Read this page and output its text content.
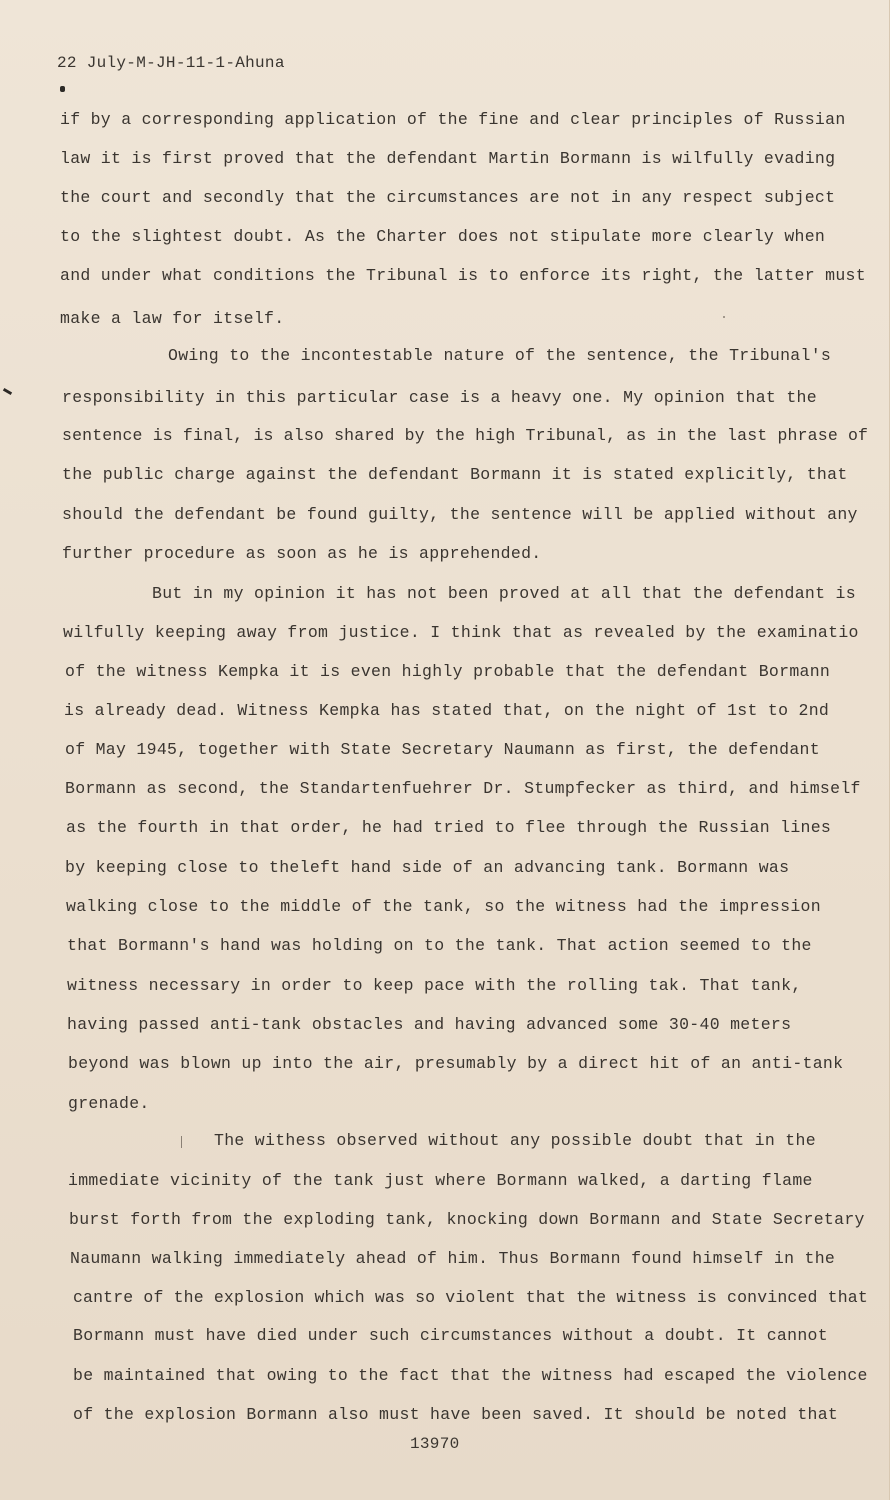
22 July-M-JH-11-1-Ahuna
if by a corresponding application of the fine and clear principles of Russian
law it is first proved that the defendant Martin Bormann is wilfully evading
the court and secondly that the circumstances are not in any respect subject
to the slightest doubt. As the Charter does not stipulate more clearly when
and under what conditions the Tribunal is to enforce its right, the latter must
make a law for itself.
Owing to the incontestable nature of the sentence, the Tribunal's
responsibility in this particular case is a heavy one. My opinion that the
sentence is final, is also shared by the high Tribunal, as in the last phrase of
the public charge against the defendant Bormann it is stated explicitly, that
should the defendant be found guilty, the sentence will be applied without any
further procedure as soon as he is apprehended.
But in my opinion it has not been proved at all that the defendant is
wilfully keeping away from justice. I think that as revealed by the examinatio
of the witness Kempka it is even highly probable that the defendant Bormann
is already dead. Witness Kempka has stated that, on the night of 1st to 2nd
of May 1945, together with State Secretary Naumann as first, the defendant
Bormann as second, the Standartenfuehrer Dr. Stumpfecker as third, and himself
as the fourth in that order, he had tried to flee through the Russian lines
by keeping close to theleft hand side of an advancing tank. Bormann was
walking close to the middle of the tank, so the witness had the impression
that Bormann's hand was holding on to the tank. That action seemed to the
witness necessary in order to keep pace with the rolling tak. That tank,
having passed anti-tank obstacles and having advanced some 30-40 meters
beyond was blown up into the air, presumably by a direct hit of an anti-tank
grenade.
The withess observed without any possible doubt that in the
immediate vicinity of the tank just where Bormann walked, a darting flame
burst forth from the exploding tank, knocking down Bormann and State Secretary
Naumann walking immediately ahead of him. Thus Bormann found himself in the
cantre of the explosion which was so violent that the witness is convinced that
Bormann must have died under such circumstances without a doubt. It cannot
be maintained that owing to the fact that the witness had escaped the violence
of the explosion Bormann also must have been saved. It should be noted that
13970
